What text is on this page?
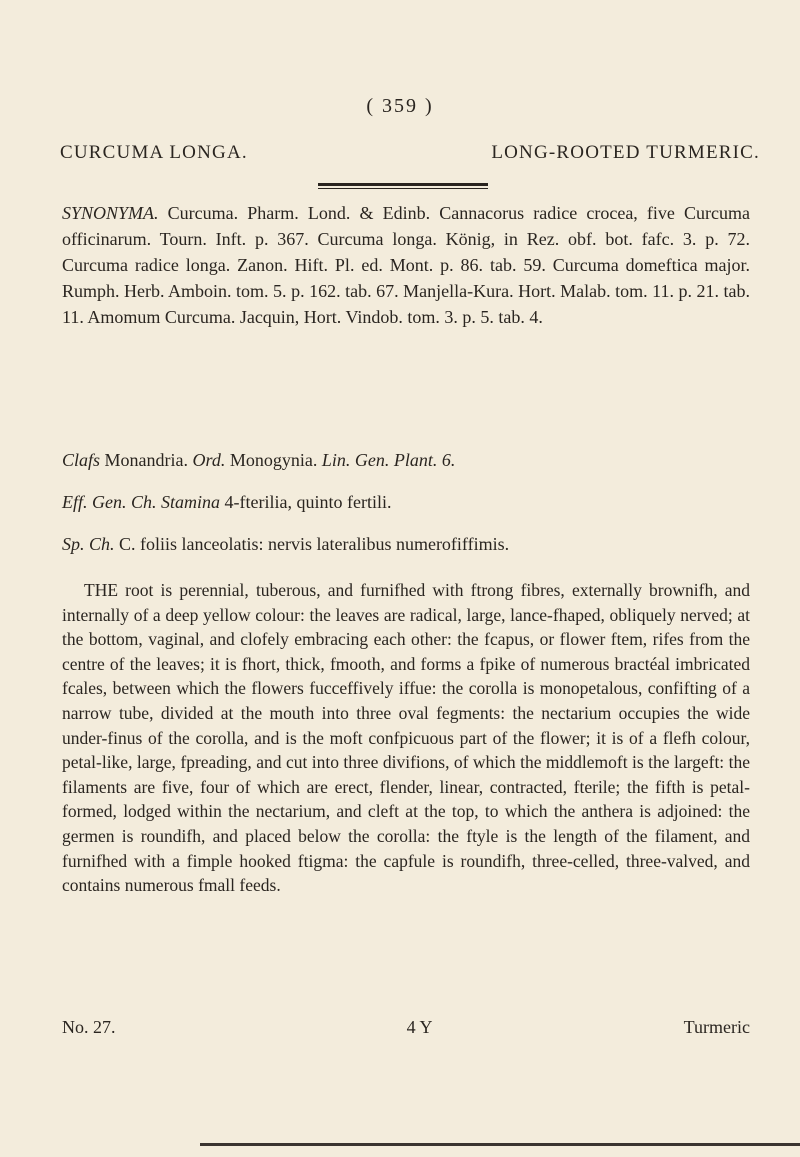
( 359 )
CURCUMA LONGA.	LONG-ROOTED TURMERIC.
SYNONYMA. Curcuma. Pharm. Lond. & Edinb. Cannacorus radice crocea, five Curcuma officinarum. Tourn. Inft. p. 367. Curcuma longa. König, in Rez. obf. bot. fafc. 3. p. 72. Curcuma radice longa. Zanon. Hift. Pl. ed. Mont. p. 86. tab. 59. Curcuma domeftica major. Rumph. Herb. Amboin. tom. 5. p. 162. tab. 67. Manjella-Kura. Hort. Malab. tom. 11. p. 21. tab. 11. Amomum Curcuma. Jacquin, Hort. Vindob. tom. 3. p. 5. tab. 4.
Clafs Monandria. Ord. Monogynia. Lin. Gen. Plant. 6.
Eff. Gen. Ch. Stamina 4-fterilia, quinto fertili.
Sp. Ch. C. foliis lanceolatis: nervis lateralibus numerofiffimis.
THE root is perennial, tuberous, and furnifhed with ftrong fibres, externally brownifh, and internally of a deep yellow colour: the leaves are radical, large, lance-fhaped, obliquely nerved; at the bottom, vaginal, and clofely embracing each other: the fcapus, or flower ftem, rifes from the centre of the leaves; it is fhort, thick, fmooth, and forms a fpike of numerous bractéal imbricated fcales, between which the flowers fucceffively iffue: the corolla is monopetalous, confifting of a narrow tube, divided at the mouth into three oval fegments: the nectarium occupies the wide under-finus of the corolla, and is the moft confpicuous part of the flower; it is of a flefh colour, petal-like, large, fpreading, and cut into three divifions, of which the middlemoft is the largeft: the filaments are five, four of which are erect, flender, linear, contracted, fterile; the fifth is petal-formed, lodged within the nectarium, and cleft at the top, to which the anthera is adjoined: the germen is roundifh, and placed below the corolla: the ftyle is the length of the filament, and furnifhed with a fimple hooked ftigma: the capfule is roundifh, three-celled, three-valved, and contains numerous fmall feeds.
No. 27.	4 Y	Turmeric
